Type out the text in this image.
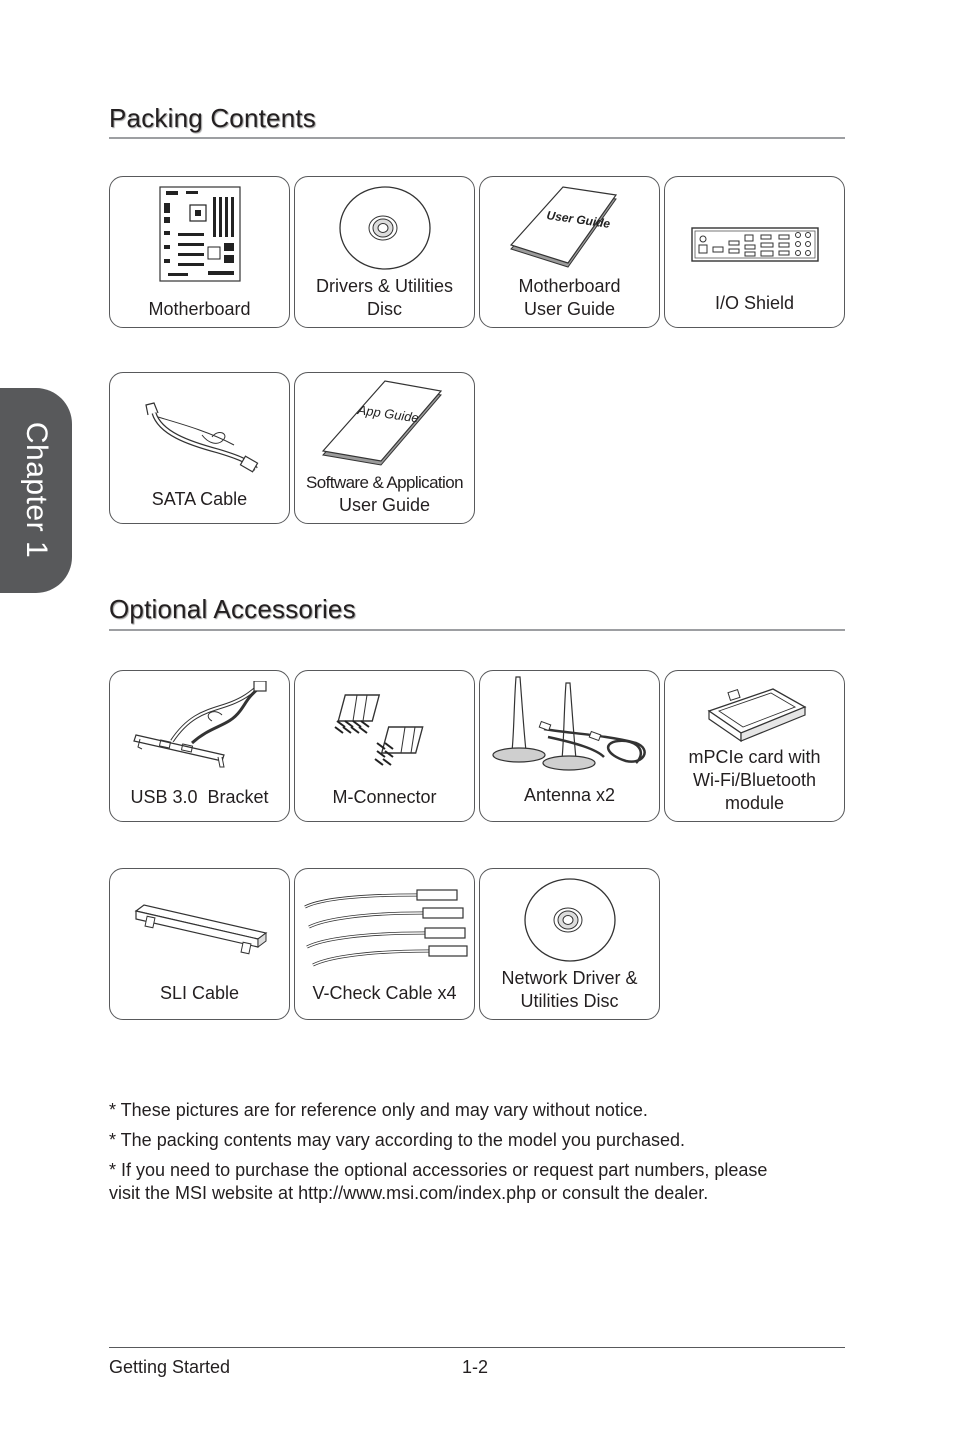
Chapter 1
Packing Contents
Motherboard
Drivers & Utilities
Disc
User Guide
Motherboard
User Guide	I/O Shield
SATA Cable
App Guide
Software & Application
User Guide
Optional Accessories
USB 3.0  Bracket	M-Connector	Antenna x2
mPCIe card with
Wi-Fi/Bluetooth
module
SLI Cable	V-Check Cable x4
Network Driver &
Utilities Disc
* These pictures are for reference only and may vary without notice.
* The packing contents may vary according to the model you purchased.
* If you need to purchase the optional accessories or request part numbers, please
visit the MSI website at http://www.msi.com/index.php or consult the dealer.
Getting Started	1-2
